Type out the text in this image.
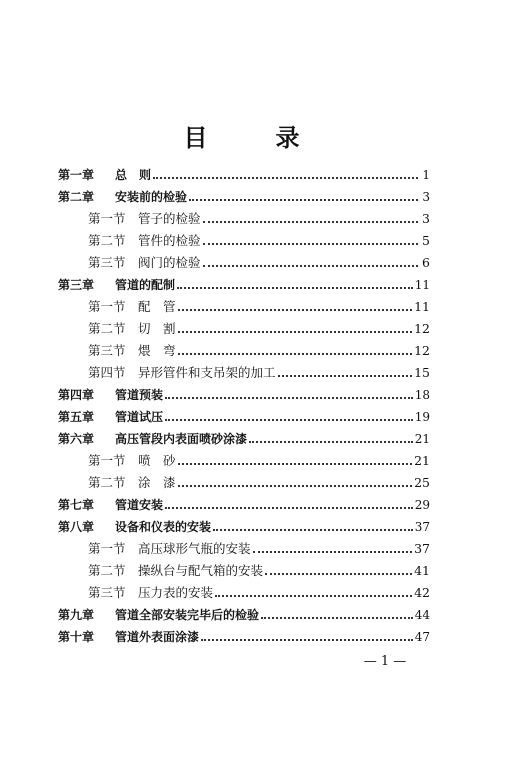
目　录
第一章	总　则	1
第二章	安装前的检验	3
第一节 管子的检验	3
第二节 管件的检验	5
第三节 阀门的检验	6
第三章	管道的配制	11
第一节 配　管	11
第二节 切　割	12
第三节 煨　弯	12
第四节 异形管件和支吊架的加工	15
第四章	管道预装	18
第五章	管道试压	19
第六章	高压管段内表面喷砂涂漆	21
第一节 喷　砂	21
第二节 涂　漆	25
第七章	管道安装	29
第八章	设备和仪表的安装	37
第一节 高压球形气瓶的安装	37
第二节 操纵台与配气箱的安装	41
第三节 压力表的安装	42
第九章	管道全部安装完毕后的检验	44
第十章	管道外表面涂漆	47
— 1 —
